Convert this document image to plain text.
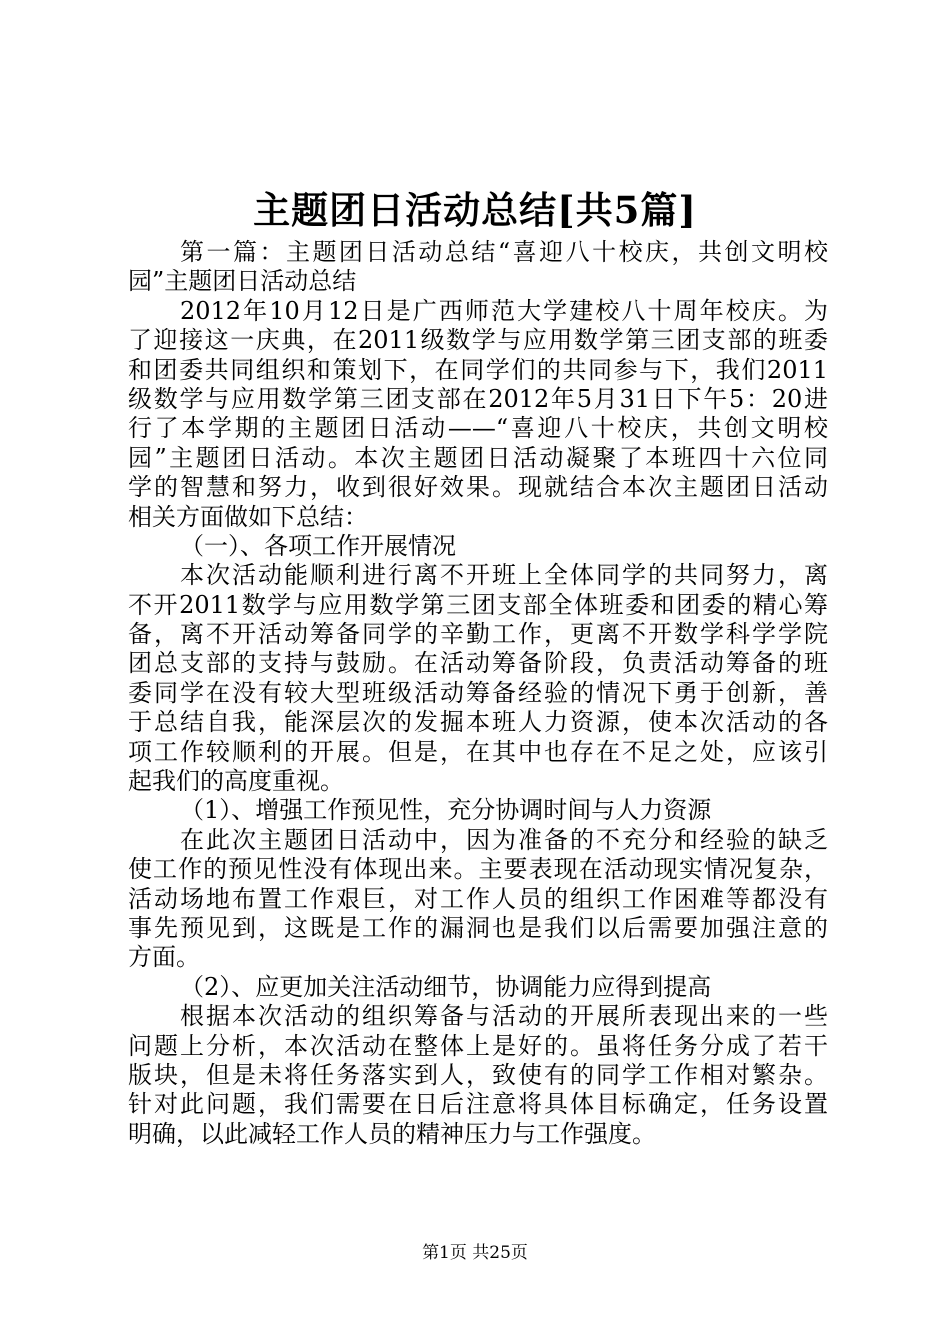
主题团日活动总结[共5篇]

第一篇：主题团日活动总结“喜迎八十校庆，共创文明校

园”主题团日活动总结

2012年10月12日是广西师范大学建校八十周年校庆。为

了迎接这一庆典，在2011级数学与应用数学第三团支部的班委

和团委共同组织和策划下，在同学们的共同参与下，我们2011

级数学与应用数学第三团支部在2012年5月31日下午5：20进

行了本学期的主题团日活动——“喜迎八十校庆，共创文明校

园”主题团日活动。本次主题团日活动凝聚了本班四十六位同

学的智慧和努力，收到很好效果。现就结合本次主题团日活动

相关方面做如下总结：

（一）、各项工作开展情况

本次活动能顺利进行离不开班上全体同学的共同努力，离

不开2011数学与应用数学第三团支部全体班委和团委的精心筹

备，离不开活动筹备同学的辛勤工作，更离不开数学科学学院

团总支部的支持与鼓励。在活动筹备阶段，负责活动筹备的班

委同学在没有较大型班级活动筹备经验的情况下勇于创新，善

于总结自我，能深层次的发掘本班人力资源，使本次活动的各

项工作较顺利的开展。但是，在其中也存在不足之处，应该引

起我们的高度重视。

（1）、增强工作预见性，充分协调时间与人力资源

在此次主题团日活动中，因为准备的不充分和经验的缺乏

使工作的预见性没有体现出来。主要表现在活动现实情况复杂，

活动场地布置工作艰巨，对工作人员的组织工作困难等都没有

事先预见到，这既是工作的漏洞也是我们以后需要加强注意的

方面。

（2）、应更加关注活动细节，协调能力应得到提高

根据本次活动的组织筹备与活动的开展所表现出来的一些

问题上分析，本次活动在整体上是好的。虽将任务分成了若干

版块，但是未将任务落实到人，致使有的同学工作相对繁杂。

针对此问题，我们需要在日后注意将具体目标确定，任务设置

明确，以此减轻工作人员的精神压力与工作强度。

第1页 共25页
